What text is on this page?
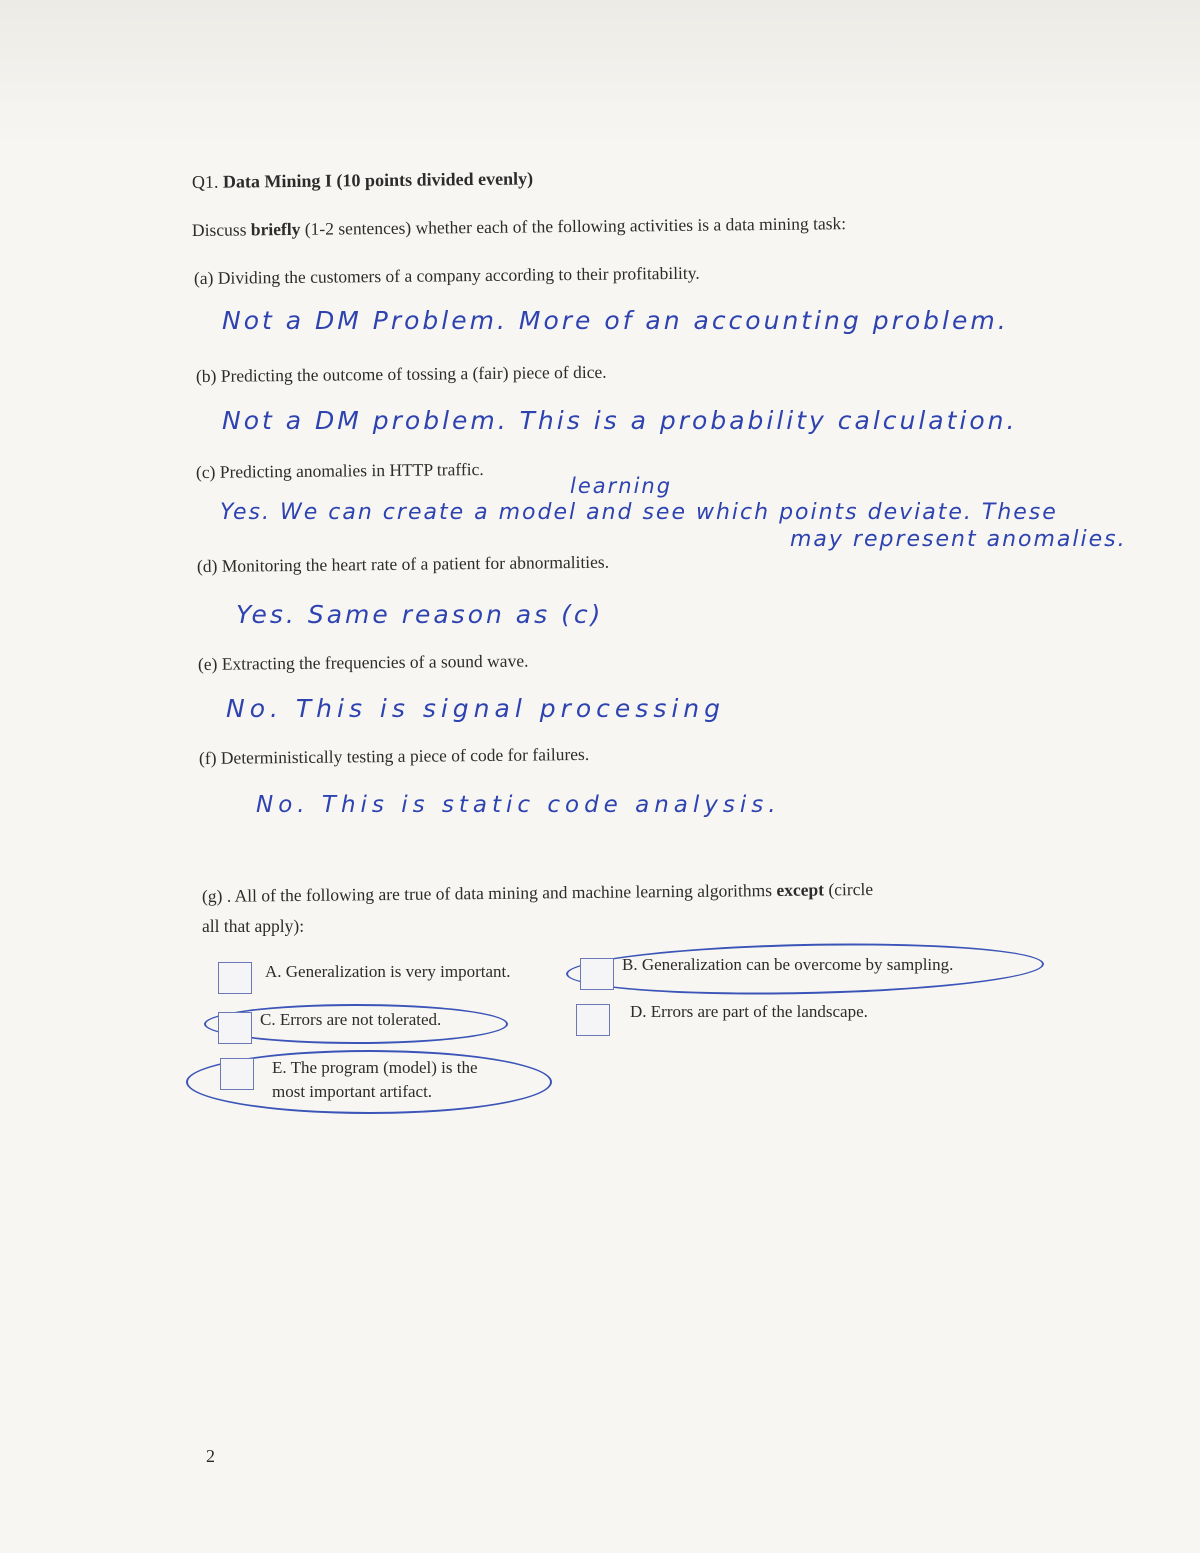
Q1. Data Mining I (10 points divided evenly)
Discuss briefly (1-2 sentences) whether each of the following activities is a data mining task:
(a) Dividing the customers of a company according to their profitability.
Not a DM Problem. More of an accounting problem.
(b) Predicting the outcome of tossing a (fair) piece of dice.
Not a DM problem. This is a probability calculation.
(c) Predicting anomalies in HTTP traffic.
learning
Yes. We can create a model and see which points deviate. These
may represent anomalies.
(d) Monitoring the heart rate of a patient for abnormalities.
Yes. Same reason as (c)
(e) Extracting the frequencies of a sound wave.
No. This is signal processing
(f) Deterministically testing a piece of code for failures.
No. This is static code analysis.
(g) . All of the following are true of data mining and machine learning algorithms except (circle
all that apply):
A. Generalization is very important.	B. Generalization can be overcome by sampling.
C. Errors are not tolerated.	D. Errors are part of the landscape.
E. The program (model) is the
most important artifact.
2
